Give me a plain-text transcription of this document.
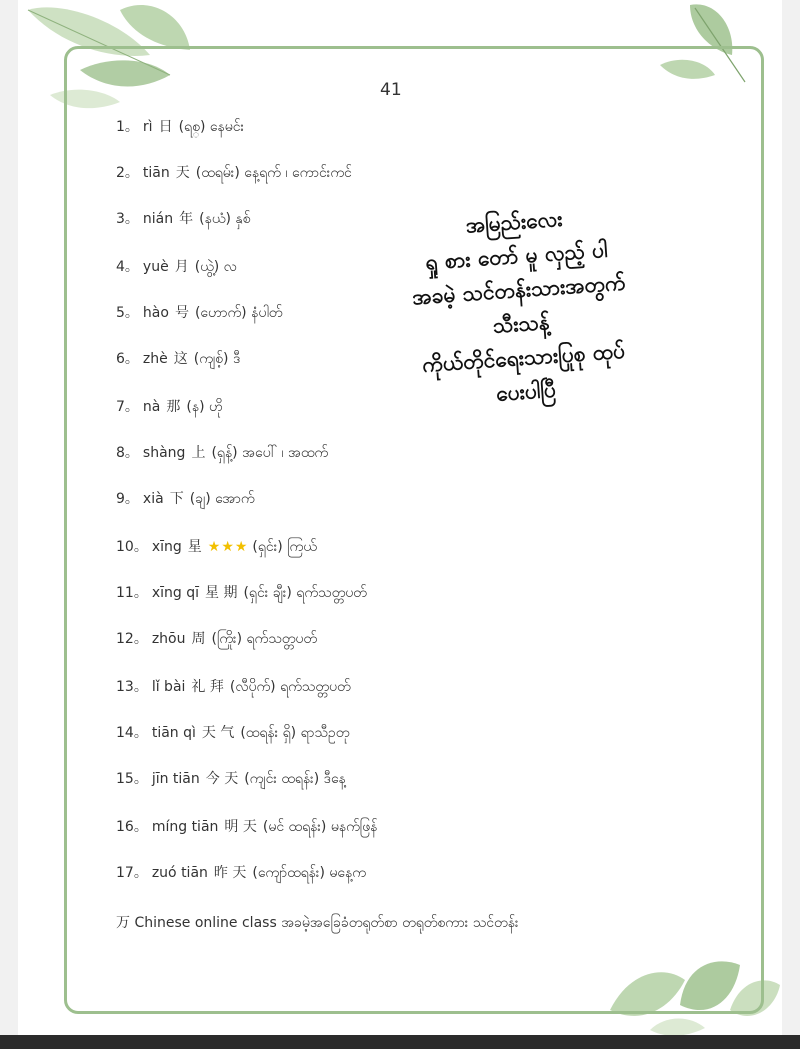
41
1。 rì 日 (ရစ္) နေမင်း
2。 tiān 天 (ထရမ်း) နေ့ရက် ၊ ကောင်းကင်
3。 nián 年 (နယံ) နှစ်
4。 yuè 月 (ယွဲ့) လ
5。 hào 号 (ဟောက်) နံပါတ်
6。 zhè 这 (ကျစ့်) ဒီ
7。 nà 那 (န) ဟို
8。 shàng 上 (ရှန့်) အပေါ် ၊ အထက်
9。 xià 下 (ချ) အောက်
10。 xīng 星 ★★★ (ရှင်း) ကြယ်
11。 xīng qī 星 期 (ရှင်း ချီး) ရက်သတ္တပတ်
12。 zhōu 周 (ကြိုး) ရက်သတ္တပတ်
13。 lǐ bài 礼 拜 (လီပိုက်) ရက်သတ္တပတ်
14。 tiān qì 天 气 (ထရန်း ရှိ) ရာသီဥတု
15。 jīn tiān 今 天 (ကျင်း ထရန်း) ဒီနေ့
16。 míng tiān 明 天 (မင် ထရန်း) မနက်ဖြန်
17。 zuó tiān 昨 天 (ကျော်ထရန်း) မနေ့က
万 Chinese online class အခမဲ့အခြေခံတရုတ်စာ တရုတ်စကား သင်တန်း
အမြည်းလေး
ရှု စား တော် မူ လှည့် ပါ
အခမဲ့ သင်တန်းသားအတွက်
သီးသန့်
ကိုယ်တိုင်ရေးသားပြုစု ထုပ်
ပေးပါပြီ
